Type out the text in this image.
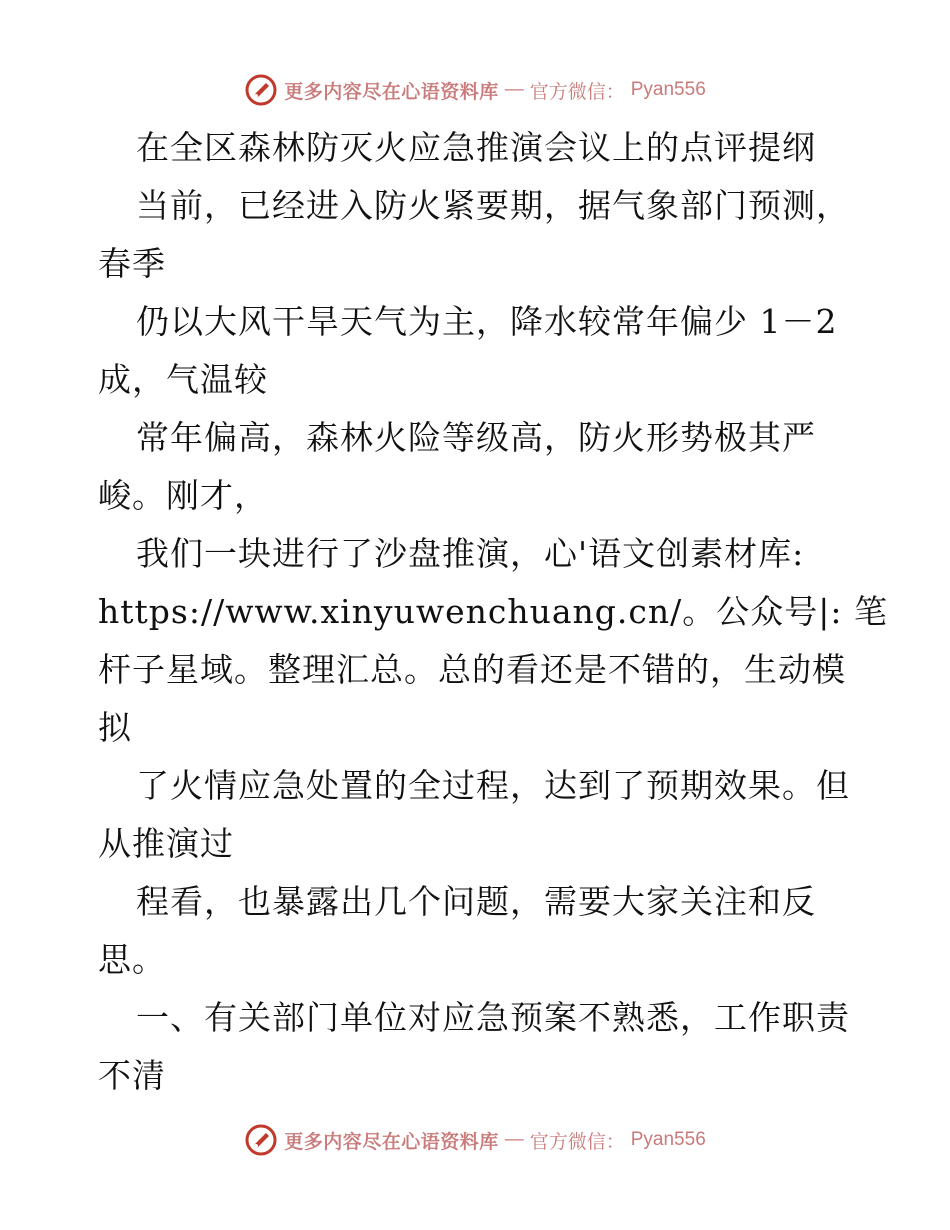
更多内容尽在心语资料库 — 官方微信： Pyan556
在全区森林防灭火应急推演会议上的点评提纲
当前，已经进入防火紧要期，据气象部门预测，
春季
仍以大风干旱天气为主，降水较常年偏少 1－2
成，气温较
常年偏高，森林火险等级高，防火形势极其严
峻。刚才，
我们一块进行了沙盘推演，心'语文创素材库:
https://www.xinyuwenchuang.cn/。公众号|: 笔
杆子星域。整理汇总。总的看还是不错的，生动模
拟
了火情应急处置的全过程，达到了预期效果。但
从推演过
程看，也暴露出几个问题，需要大家关注和反
思。
一、有关部门单位对应急预案不熟悉，工作职责
不清
更多内容尽在心语资料库 — 官方微信： Pyan556
